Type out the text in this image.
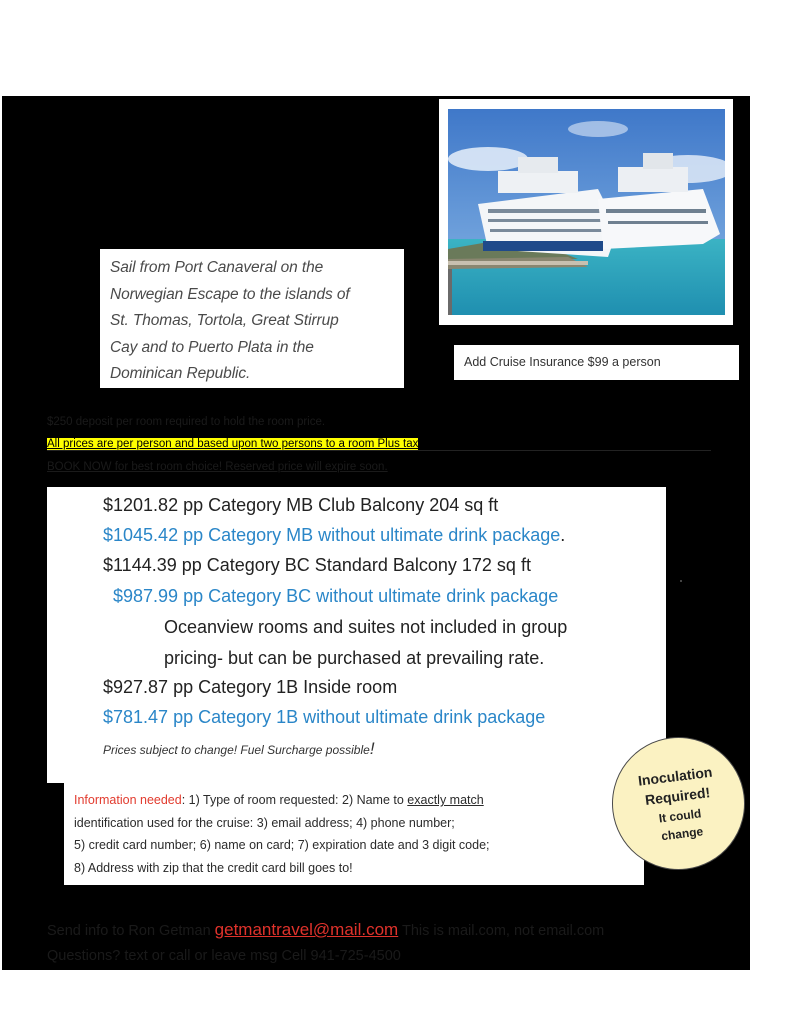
Sail from Port Canaveral on the

Norwegian Escape to the islands of

St. Thomas, Tortola, Great Stirrup

Cay and to Puerto Plata in the

Dominican Republic.

Add Cruise Insurance $99 a person
$250 deposit per room required to hold the room price.
All prices are per person and based upon two persons to a room Plus tax
BOOK NOW for best room choice! Reserved price will expire soon.
$1201.82 pp Category MB Club Balcony 204 sq ft
$1045.42 pp Category MB without ultimate drink package.
$1144.39 pp Category BC Standard Balcony 172 sq ft
$987.99 pp Category BC without ultimate drink package
Oceanview rooms and suites not included in group
pricing- but can be purchased at prevailing rate.
$927.87 pp Category 1B Inside room
$781.47 pp Category 1B without ultimate drink package
Prices subject to change! Fuel Surcharge possible!

Information needed: 1) Type of room requested: 2) Name to exactly match

identification used for the cruise: 3) email address; 4) phone number;

5) credit card number; 6) name on card; 7) expiration date and 3 digit code;

8) Address with zip that the credit card bill goes to!

Inoculation
Required!
It could
change
Send info to Ron Getman getmantravel@mail.com This is mail.com, not email.com
Questions? text or call or leave msg Cell 941-725-4500
